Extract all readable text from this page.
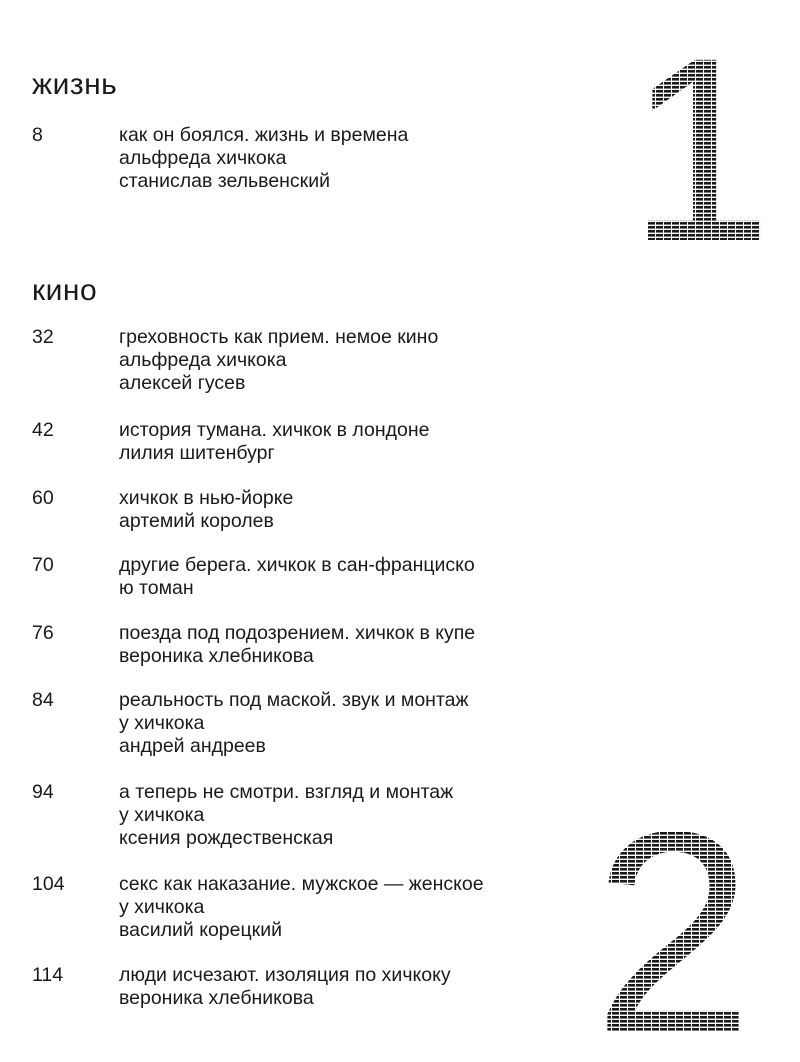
жизнь
кино
8	как он боялся. жизнь и времена
альфреда хичкока
станислав зельвенский
32	греховность как прием. немое кино
альфреда хичкока
алексей гусев
42	история тумана. хичкок в лондоне
лилия шитенбург
60	хичкок в нью-йорке
артемий королев
70	другие берега. хичкок в сан-франциско
ю томан
76	поезда под подозрением. хичкок в купе
вероника хлебникова
84	реальность под маской. звук и монтаж
у хичкока
андрей андреев
94	а теперь не смотри. взгляд и монтаж
у хичкока
ксения рождественская
104	секс как наказание. мужское — женское
у хичкока
василий корецкий
114	люди исчезают. изоляция по хичкоку
вероника хлебникова
1
2
